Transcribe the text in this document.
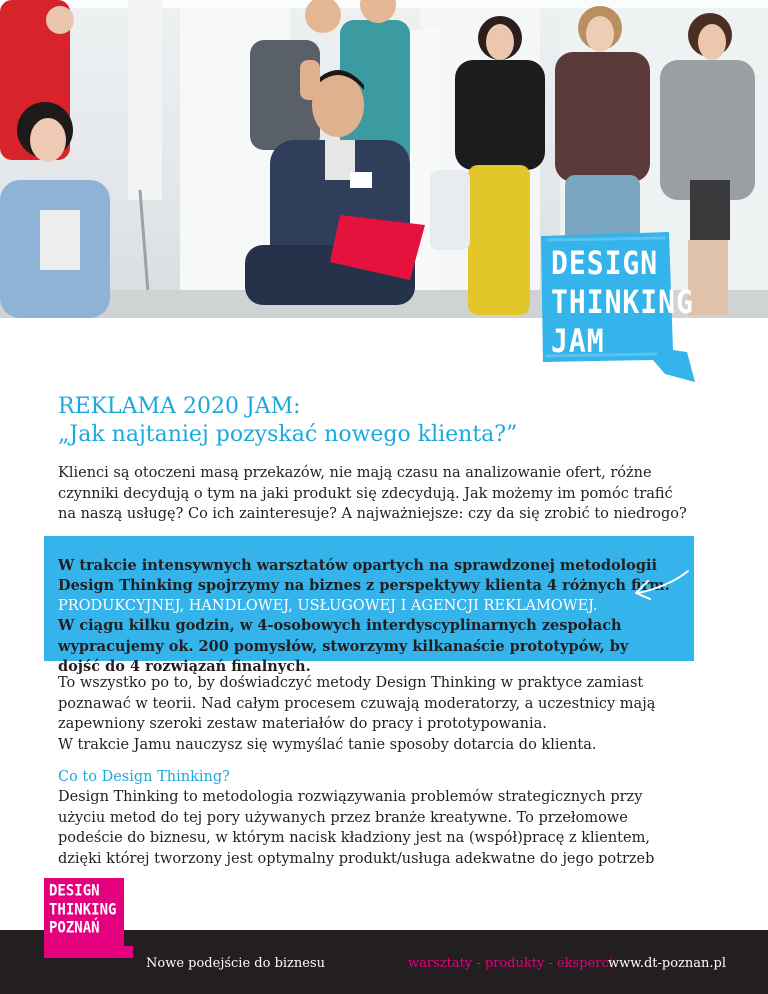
DESIGN
THINKING
JAM
REKLAMA 2020 JAM:
„Jak najtaniej pozyskać nowego klienta?”

Klienci są otoczeni masą przekazów, nie mają czasu na analizowanie ofert, różne
czynniki decydują o tym na jaki produkt się zdecydują. Jak możemy im pomóc trafić
na naszą usługę? Co ich zainteresuje? A najważniejsze: czy da się zrobić to niedrogo?

W trakcie intensywnych warsztatów opartych na sprawdzonej metodologii
Design Thinking spojrzymy na biznes z perspektywy klienta 4 różnych firm:
PRODUKCYJNEJ, HANDLOWEJ, USŁUGOWEJ I AGENCJI REKLAMOWEJ.
W ciągu kilku godzin, w 4-osobowych interdyscyplinarnych zespołach
wypracujemy ok. 200 pomysłów, stworzymy kilkanaście prototypów, by
dojść do 4 rozwiązań finalnych.

To wszystko po to, by doświadczyć metody Design Thinking w praktyce zamiast
poznawać w teorii. Nad całym procesem czuwają moderatorzy, a uczestnicy mają
zapewniony szeroki zestaw materiałów do pracy i prototypowania.
W trakcie Jamu nauczysz się wymyślać tanie sposoby dotarcia do klienta.

Co to Design Thinking?

Design Thinking to metodologia rozwiązywania problemów strategicznych przy
użyciu metod do tej pory używanych przez branże kreatywne. To przełomowe
podeście do biznesu, w którym nacisk kładziony jest na (współ)pracę z klientem,
dzięki której tworzony jest optymalny produkt/usługa adekwatne do jego potrzeb

DESIGN
THINKING
POZNAŃ
Nowe podejście do biznesu	warsztaty - produkty - eksperci
www.dt-poznan.pl
